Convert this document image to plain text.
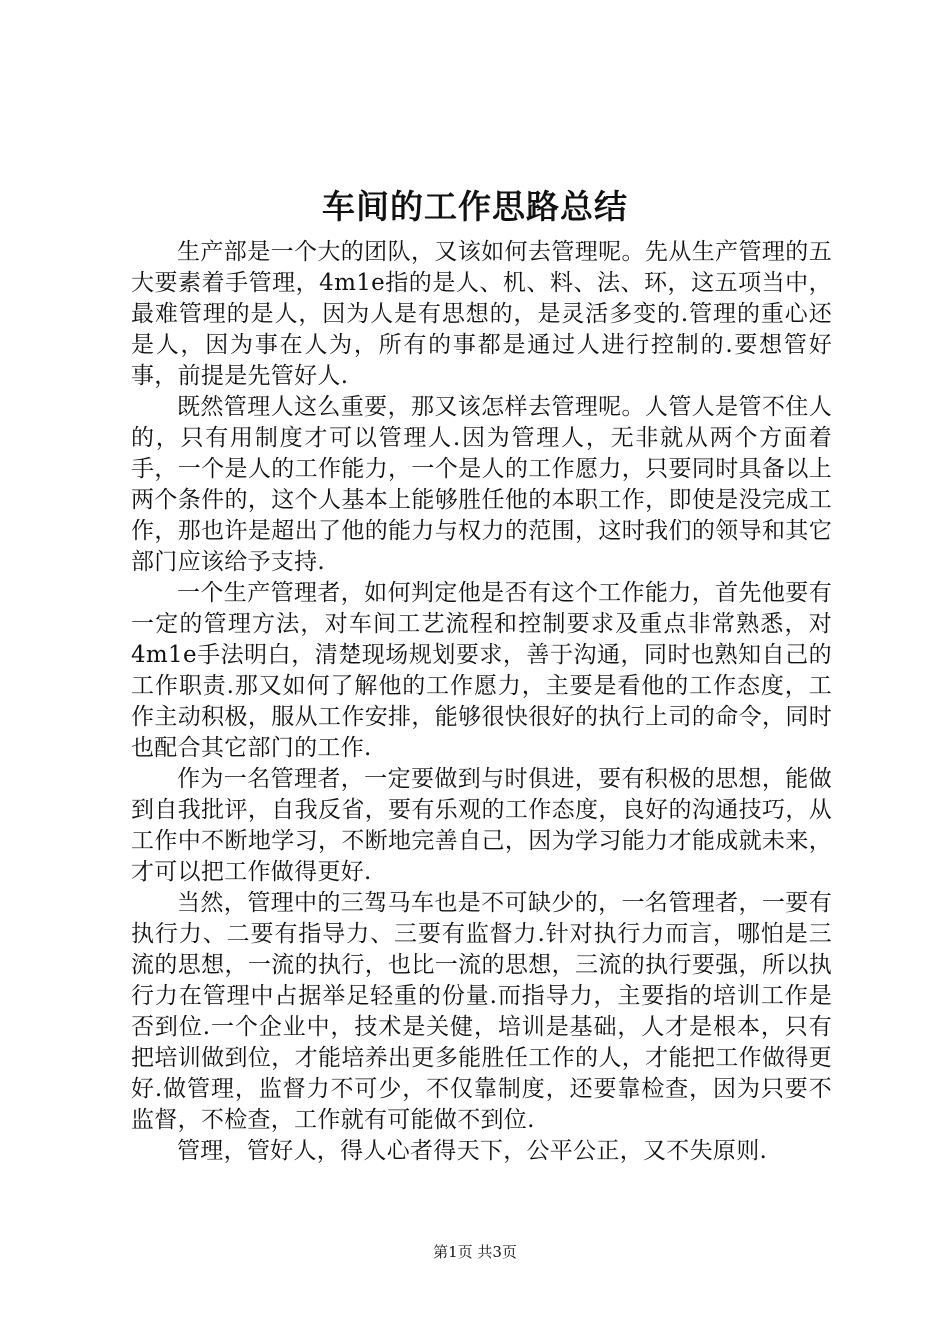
车间的工作思路总结

生产部是一个大的团队，又该如何去管理呢。先从生产管理的五大要素着手管理，4m1e指的是人、机、料、法、环，这五项当中，最难管理的是人，因为人是有思想的，是灵活多变的.管理的重心还是人，因为事在人为，所有的事都是通过人进行控制的.要想管好事，前提是先管好人.

既然管理人这么重要，那又该怎样去管理呢。人管人是管不住人的，只有用制度才可以管理人.因为管理人，无非就从两个方面着手，一个是人的工作能力，一个是人的工作愿力，只要同时具备以上两个条件的，这个人基本上能够胜任他的本职工作，即使是没完成工作，那也许是超出了他的能力与权力的范围，这时我们的领导和其它部门应该给予支持.

一个生产管理者，如何判定他是否有这个工作能力，首先他要有一定的管理方法，对车间工艺流程和控制要求及重点非常熟悉，对4m1e手法明白，清楚现场规划要求，善于沟通，同时也熟知自己的工作职责.那又如何了解他的工作愿力，主要是看他的工作态度，工作主动积极，服从工作安排，能够很快很好的执行上司的命令，同时也配合其它部门的工作.

作为一名管理者，一定要做到与时俱进，要有积极的思想，能做到自我批评，自我反省，要有乐观的工作态度，良好的沟通技巧，从工作中不断地学习，不断地完善自己，因为学习能力才能成就未来，才可以把工作做得更好.

当然，管理中的三驾马车也是不可缺少的，一名管理者，一要有执行力、二要有指导力、三要有监督力.针对执行力而言，哪怕是三流的思想，一流的执行，也比一流的思想，三流的执行要强，所以执行力在管理中占据举足轻重的份量.而指导力，主要指的培训工作是否到位.一个企业中，技术是关健，培训是基础，人才是根本，只有把培训做到位，才能培养出更多能胜任工作的人，才能把工作做得更好.做管理，监督力不可少，不仅靠制度，还要靠检查，因为只要不监督，不检查，工作就有可能做不到位.

管理，管好人，得人心者得天下，公平公正，又不失原则.

第1页 共3页
